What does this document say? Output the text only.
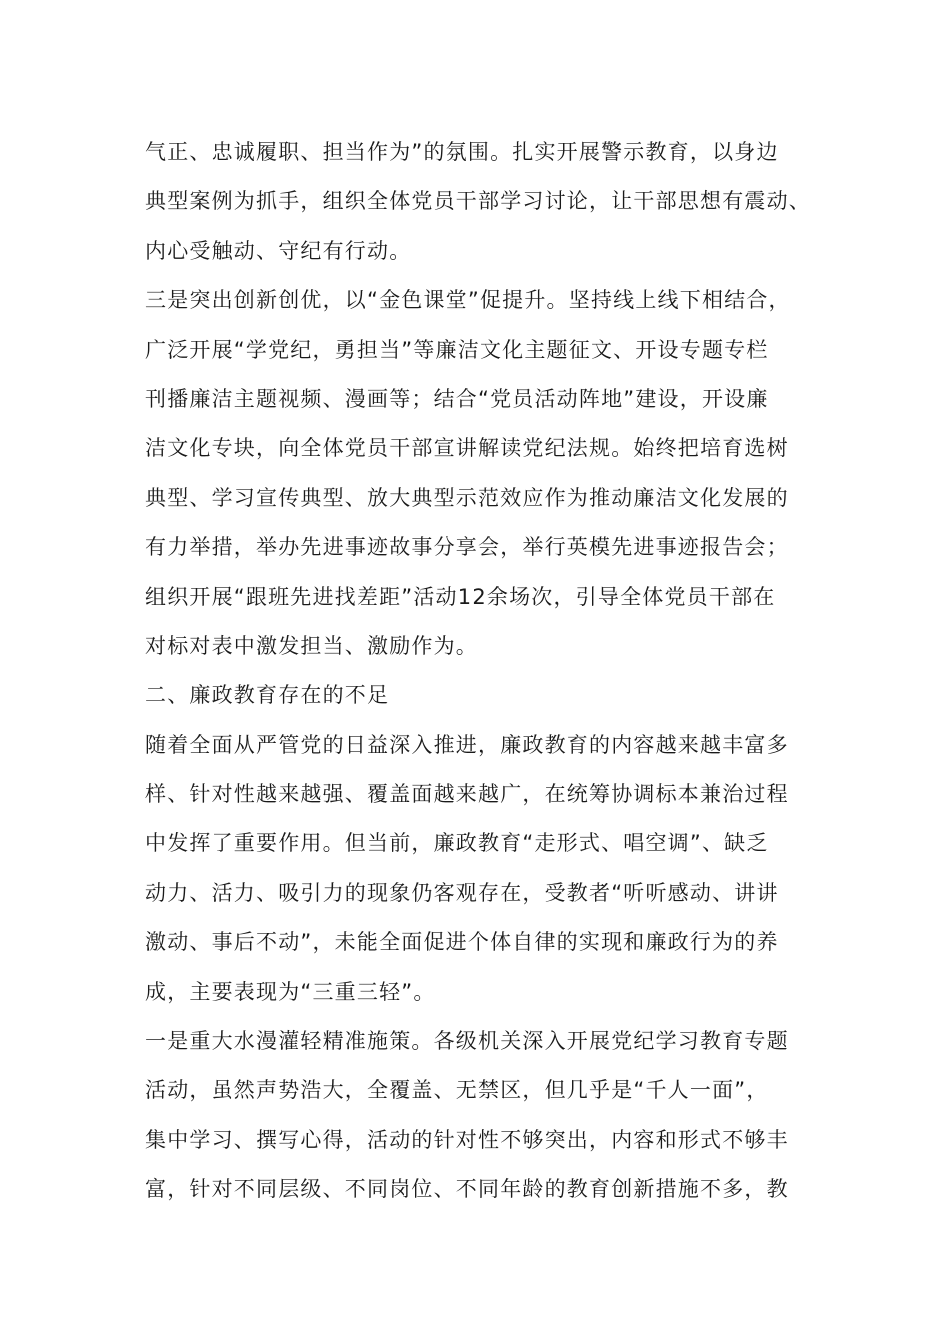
气正、忠诚履职、担当作为”的氛围。扎实开展警示教育，以身边
典型案例为抓手，组织全体党员干部学习讨论，让干部思想有震动、
内心受触动、守纪有行动。
三是突出创新创优，以“金色课堂”促提升。坚持线上线下相结合，
广泛开展“学党纪，勇担当”等廉洁文化主题征文、开设专题专栏
刊播廉洁主题视频、漫画等；结合“党员活动阵地”建设，开设廉
洁文化专块，向全体党员干部宣讲解读党纪法规。始终把培育选树
典型、学习宣传典型、放大典型示范效应作为推动廉洁文化发展的
有力举措，举办先进事迹故事分享会，举行英模先进事迹报告会；
组织开展“跟班先进找差距”活动12余场次，引导全体党员干部在
对标对表中激发担当、激励作为。
二、廉政教育存在的不足
随着全面从严管党的日益深入推进，廉政教育的内容越来越丰富多
样、针对性越来越强、覆盖面越来越广，在统筹协调标本兼治过程
中发挥了重要作用。但当前，廉政教育“走形式、唱空调”、缺乏
动力、活力、吸引力的现象仍客观存在，受教者“听听感动、讲讲
激动、事后不动”，未能全面促进个体自律的实现和廉政行为的养
成，主要表现为“三重三轻”。
一是重大水漫灌轻精准施策。各级机关深入开展党纪学习教育专题
活动，虽然声势浩大，全覆盖、无禁区，但几乎是“千人一面”，
集中学习、撰写心得，活动的针对性不够突出，内容和形式不够丰
富，针对不同层级、不同岗位、不同年龄的教育创新措施不多，教
